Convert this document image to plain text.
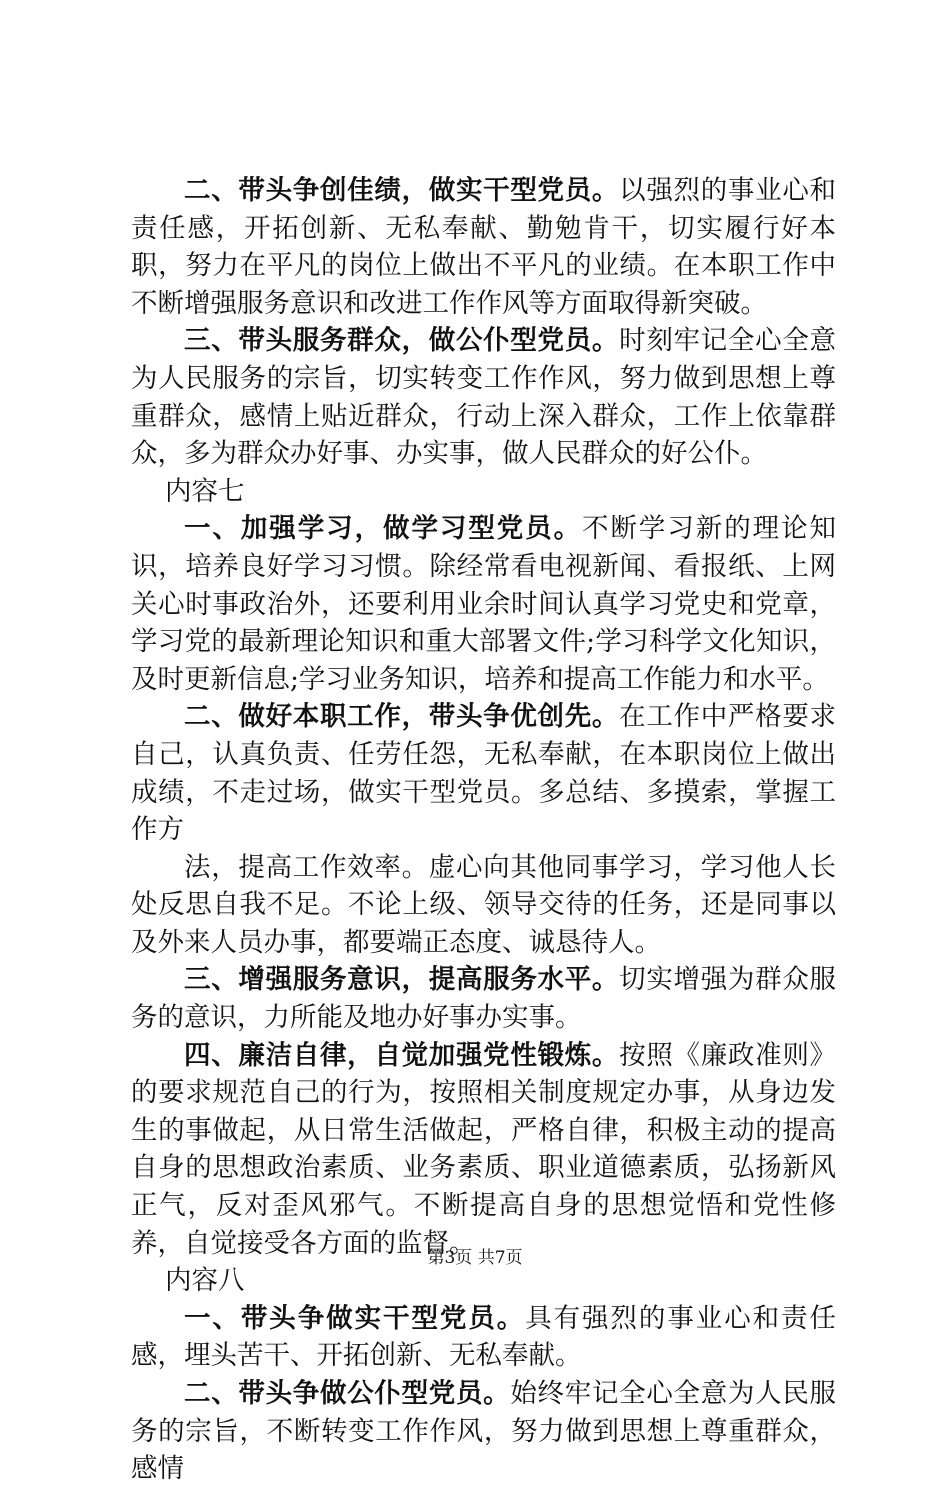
二、带头争创佳绩，做实干型党员。以强烈的事业心和责任感，开拓创新、无私奉献、勤勉肯干，切实履行好本职，努力在平凡的岗位上做出不平凡的业绩。在本职工作中不断增强服务意识和改进工作作风等方面取得新突破。

三、带头服务群众，做公仆型党员。时刻牢记全心全意为人民服务的宗旨，切实转变工作作风，努力做到思想上尊重群众，感情上贴近群众，行动上深入群众，工作上依靠群众，多为群众办好事、办实事，做人民群众的好公仆。

内容七

一、加强学习，做学习型党员。不断学习新的理论知识，培养良好学习习惯。除经常看电视新闻、看报纸、上网关心时事政治外，还要利用业余时间认真学习党史和党章，学习党的最新理论知识和重大部署文件;学习科学文化知识，及时更新信息;学习业务知识，培养和提高工作能力和水平。

二、做好本职工作，带头争优创先。在工作中严格要求自己，认真负责、任劳任怨，无私奉献，在本职岗位上做出成绩，不走过场，做实干型党员。多总结、多摸索，掌握工作方

法，提高工作效率。虚心向其他同事学习，学习他人长处反思自我不足。不论上级、领导交待的任务，还是同事以及外来人员办事，都要端正态度、诚恳待人。

三、增强服务意识，提高服务水平。切实增强为群众服务的意识，力所能及地办好事办实事。

四、廉洁自律，自觉加强党性锻炼。按照《廉政准则》的要求规范自己的行为，按照相关制度规定办事，从身边发生的事做起，从日常生活做起，严格自律，积极主动的提高自身的思想政治素质、业务素质、职业道德素质，弘扬新风正气，反对歪风邪气。不断提高自身的思想觉悟和党性修养，自觉接受各方面的监督。

内容八

一、带头争做实干型党员。具有强烈的事业心和责任感，埋头苦干、开拓创新、无私奉献。

二、带头争做公仆型党员。始终牢记全心全意为人民服务的宗旨，不断转变工作作风，努力做到思想上尊重群众，感情

第3页 共7页
